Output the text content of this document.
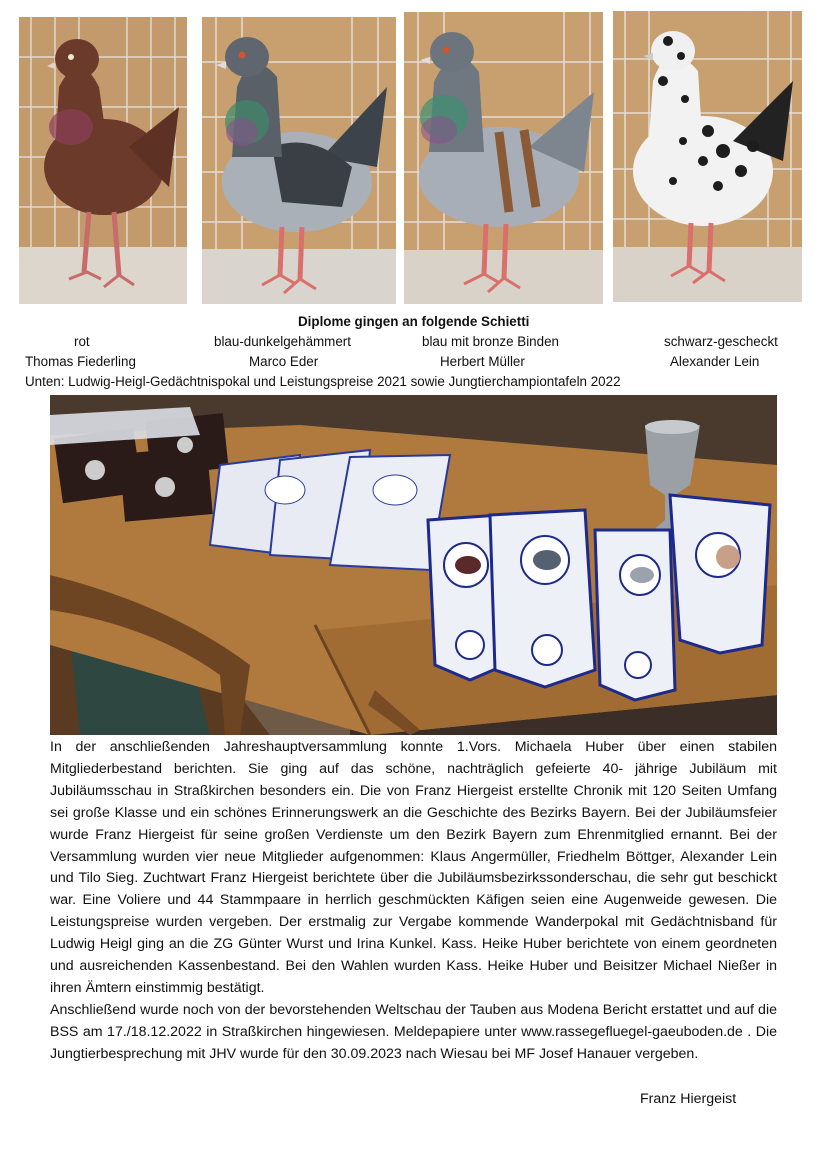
Diplome gingen an folgende Schietti
rot	blau-dunkelgehämmert	blau mit bronze Binden	schwarz-gescheckt
Thomas Fiederling	Marco Eder	Herbert Müller	Alexander Lein
Unten: Ludwig-Heigl-Gedächtnispokal und Leistungspreise 2021 sowie Jungtierchampiontafeln 2022

In der anschließenden Jahreshauptversammlung konnte 1.Vors. Michaela Huber über einen stabilen Mitgliederbestand berichten. Sie ging auf das schöne, nachträglich gefeierte 40- jährige Jubiläum mit Jubiläumsschau in Straßkirchen besonders ein. Die von Franz Hiergeist erstellte Chronik mit 120 Seiten Umfang sei große Klasse und ein schönes Erinnerungswerk an die Geschichte des Bezirks Bayern. Bei der Jubiläumsfeier wurde Franz Hiergeist für seine großen Verdienste um den Bezirk Bayern zum Ehrenmitglied ernannt. Bei der Versammlung wurden vier neue Mitglieder aufgenommen: Klaus Angermüller, Friedhelm Böttger, Alexander Lein und Tilo Sieg. Zuchtwart Franz Hiergeist berichtete über die Jubiläumsbezirkssonderschau, die sehr gut beschickt war. Eine Voliere und 44 Stammpaare in herrlich geschmückten Käfigen seien eine Augenweide gewesen. Die Leistungspreise wurden vergeben. Der erstmalig zur Vergabe kommende Wanderpokal mit Gedächtnisband für Ludwig Heigl ging an die ZG Günter Wurst und Irina Kunkel. Kass. Heike Huber berichtete von einem geordneten und ausreichenden Kassenbestand. Bei den Wahlen wurden Kass. Heike Huber und Beisitzer Michael Nießer in ihren Ämtern einstimmig bestätigt.

Anschließend wurde noch von der bevorstehenden Weltschau der Tauben aus Modena Bericht erstattet und auf die BSS am 17./18.12.2022 in Straßkirchen hingewiesen. Meldepapiere unter www.rassegefluegel-gaeuboden.de . Die Jungtierbesprechung mit JHV wurde für den 30.09.2023 nach Wiesau bei MF Josef Hanauer vergeben.

Franz Hiergeist
